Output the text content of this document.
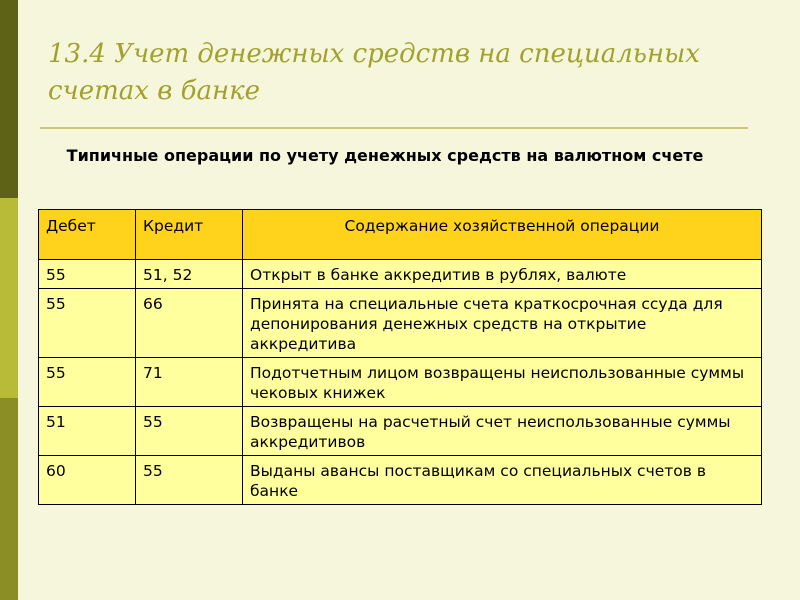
13.4 Учет денежных средств на специальных счетах в банке
Типичные операции по учету денежных средств на валютном счете
Дебет	Кредит	Содержание хозяйственной операции
55	51, 52	Открыт в банке аккредитив в рублях, валюте
55	66	Принята на специальные счета краткосрочная ссуда для депонирования денежных средств на открытие аккредитива
55	71	Подотчетным лицом возвращены неиспользованные суммы чековых книжек
51	55	Возвращены на расчетный счет неиспользованные суммы аккредитивов
60	55	Выданы авансы поставщикам со специальных счетов в банке
